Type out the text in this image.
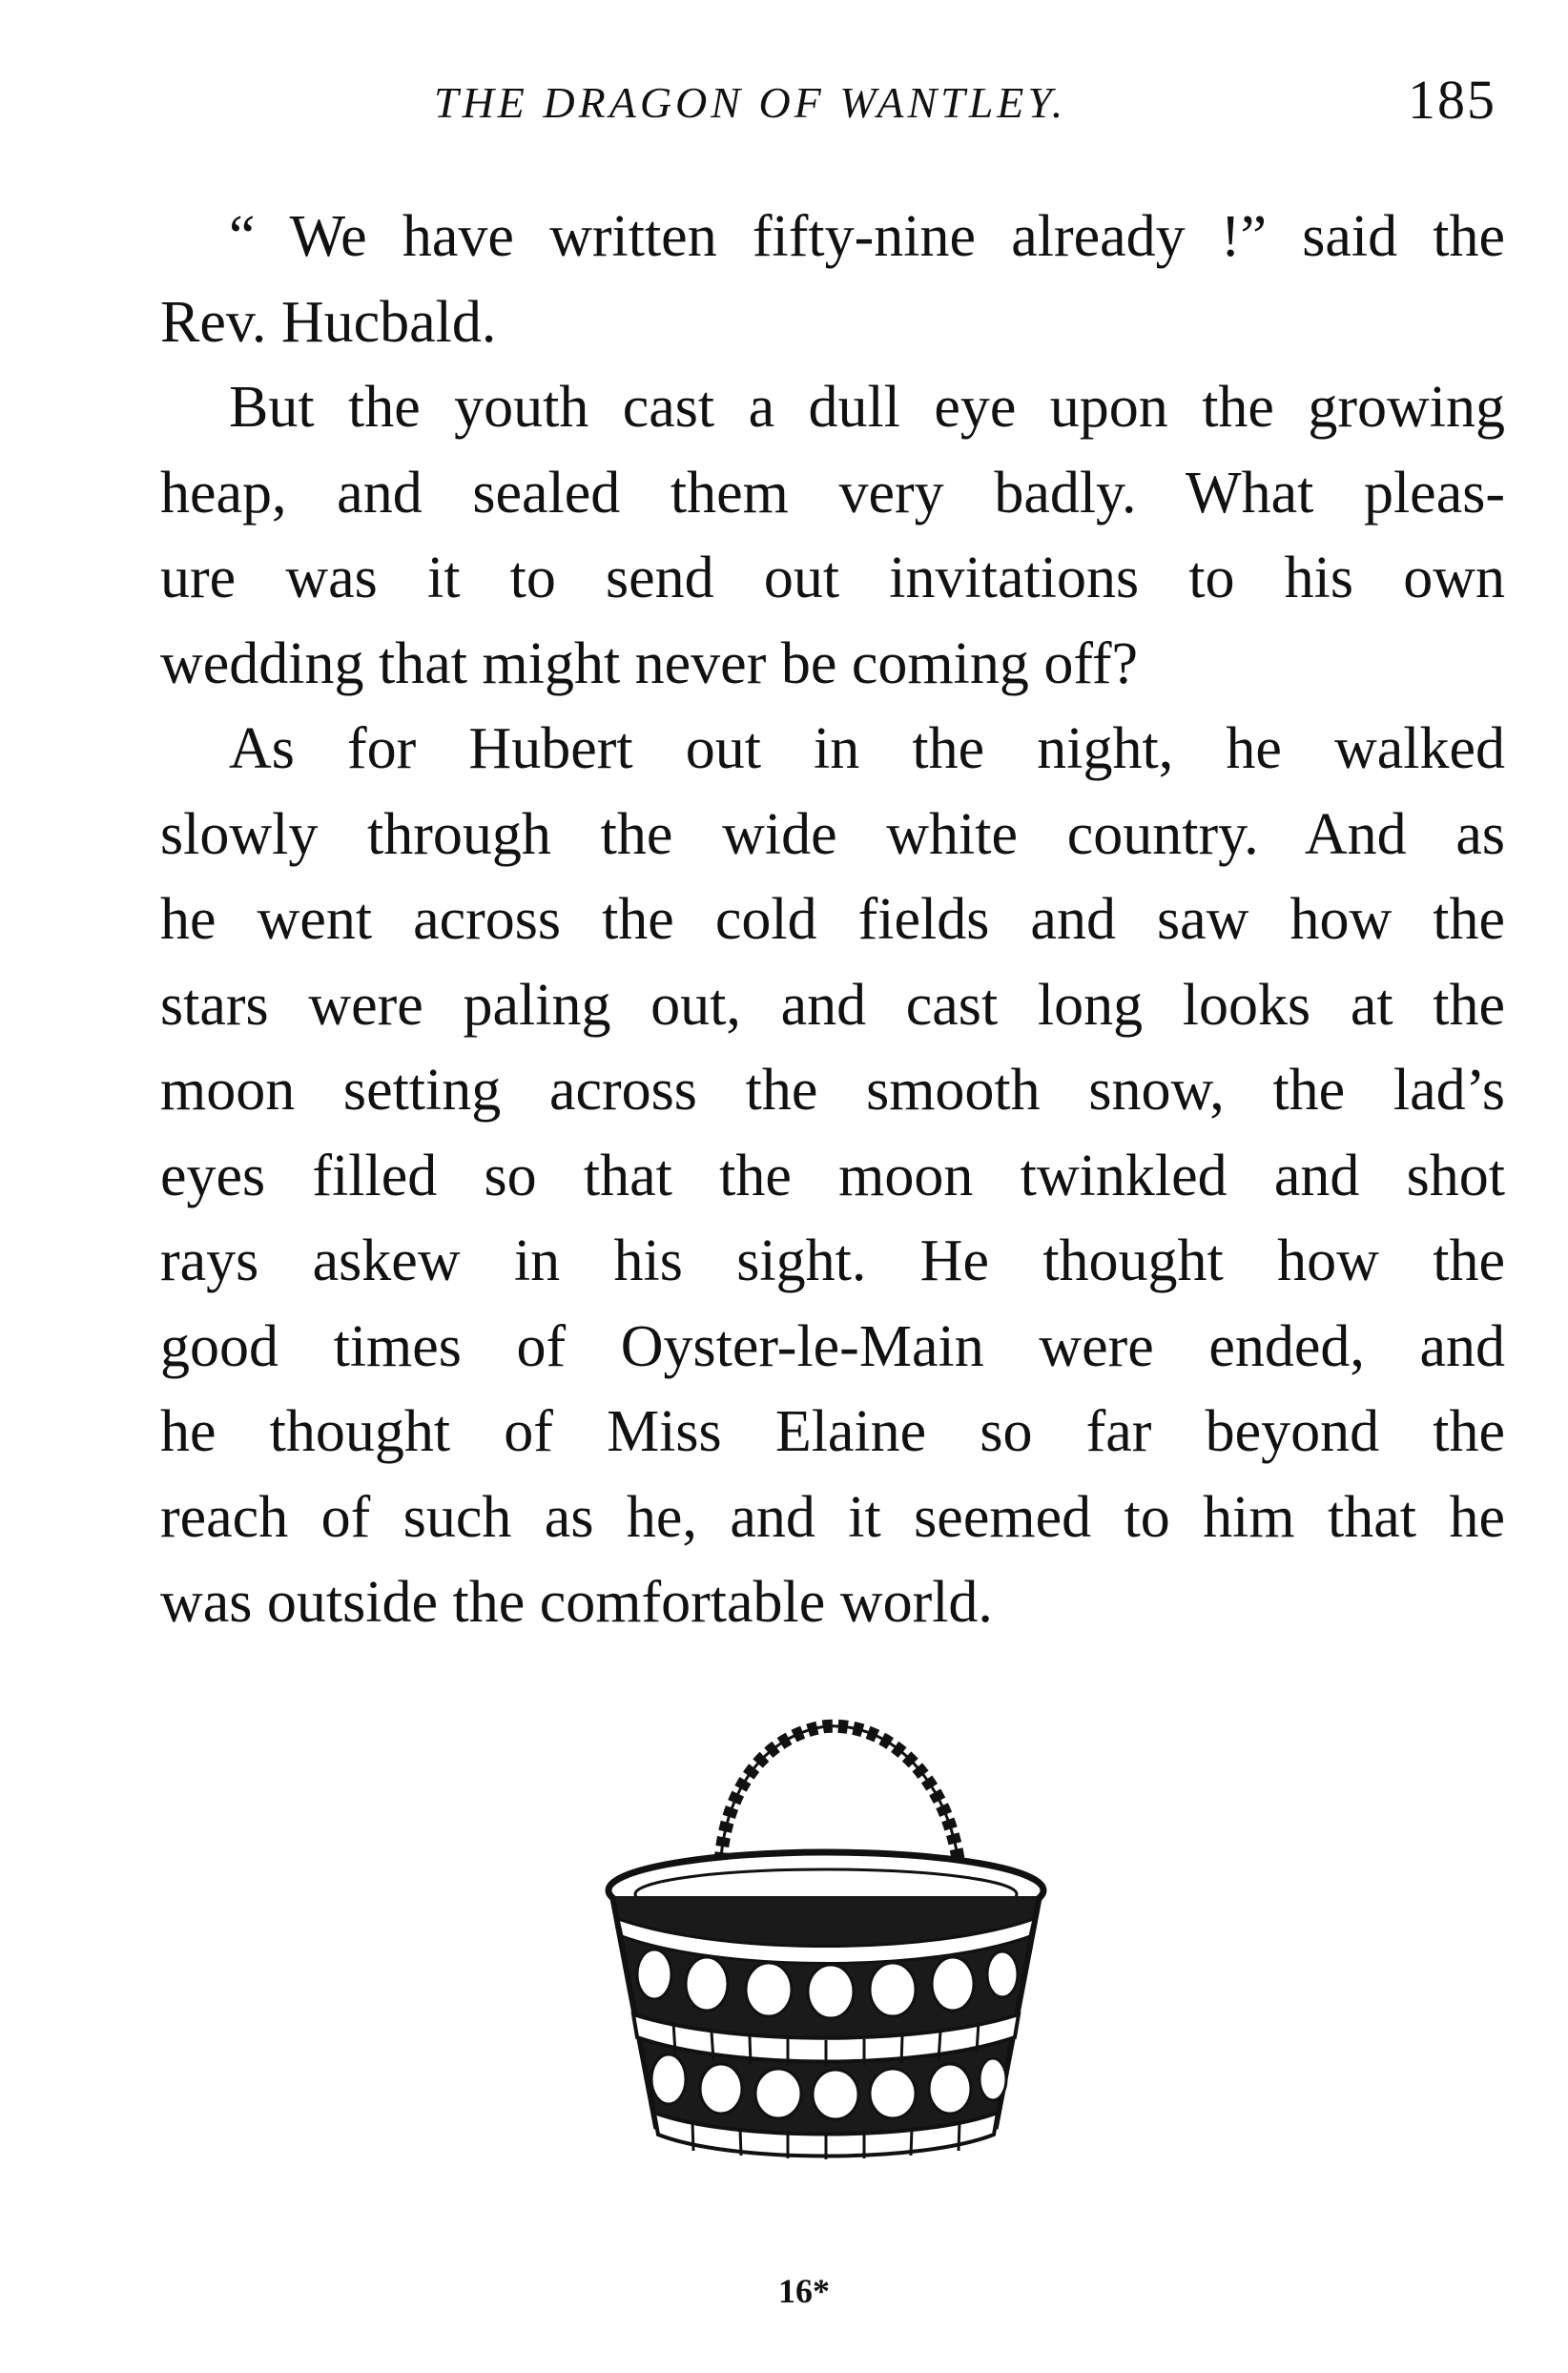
THE DRAGON OF WANTLEY.	185
“ We have written fifty-nine already !” said the
Rev. Hucbald.
But the youth cast a dull eye upon the growing
heap, and sealed them very badly. What pleas-
ure was it to send out invitations to his own
wedding that might never be coming off?
As for Hubert out in the night, he walked
slowly through the wide white country. And as
he went across the cold fields and saw how the
stars were paling out, and cast long looks at the
moon setting across the smooth snow, the lad’s
eyes filled so that the moon twinkled and shot
rays askew in his sight. He thought how the
good times of Oyster-le-Main were ended, and
he thought of Miss Elaine so far beyond the
reach of such as he, and it seemed to him that he
was outside the comfortable world.
16*
